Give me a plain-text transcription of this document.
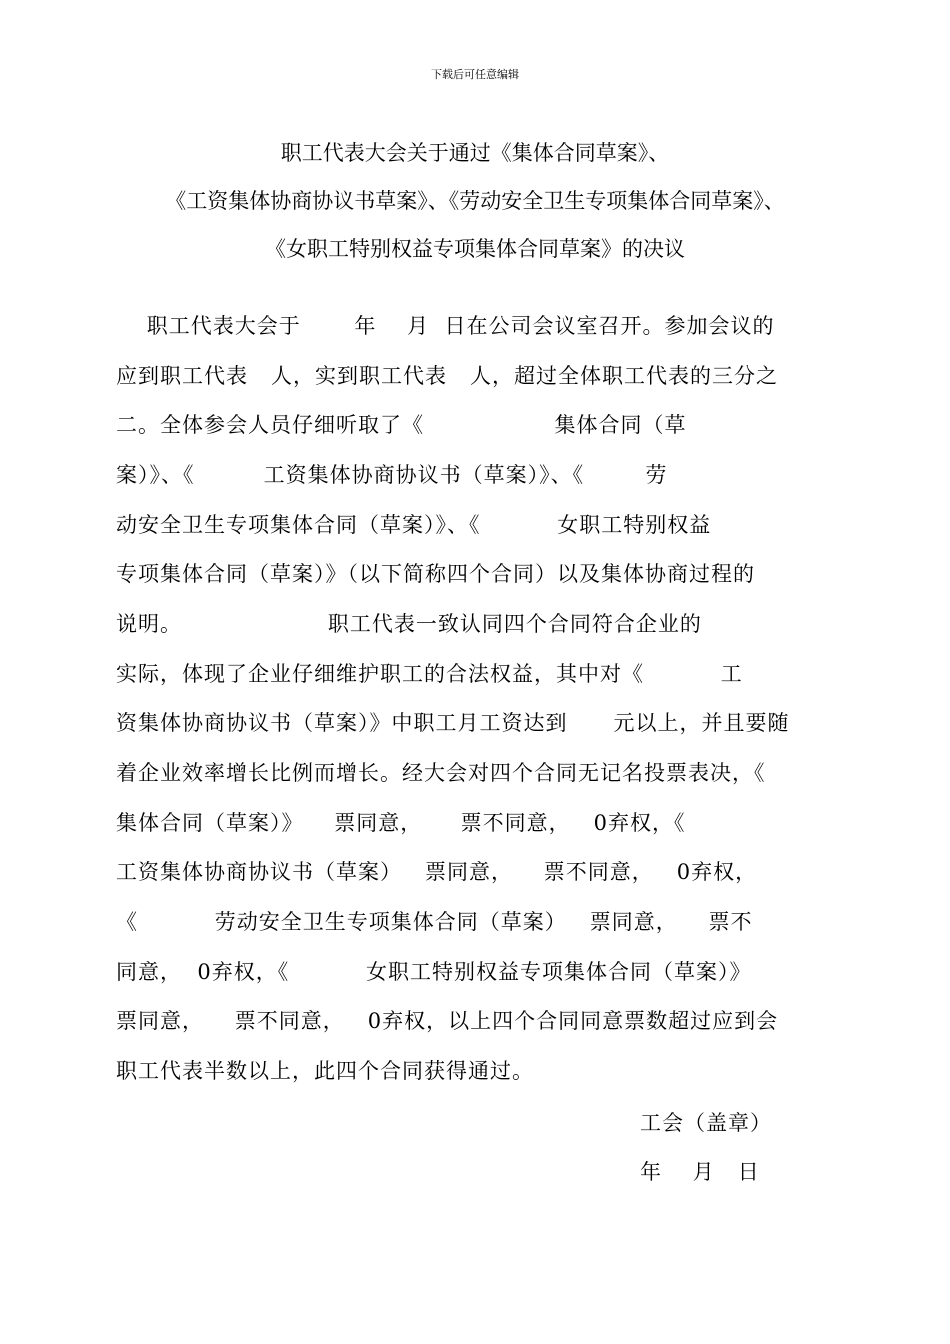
下载后可任意编辑
职工代表大会关于通过《集体合同草案》、
《工资集体协商协议书草案》、《劳动安全卫生专项集体合同草案》、
《女职工特别权益专项集体合同草案》的决议
职工代表大会于       年    月  日在公司会议室召开。参加会议的
应到职工代表   人，实到职工代表   人，超过全体职工代表的三分之
二。全体参会人员仔细听取了《                 集体合同（草
案）》、《         工资集体协商协议书（草案）》、《        劳
动安全卫生专项集体合同（草案）》、《          女职工特别权益
专项集体合同（草案）》（以下简称四个合同）以及集体协商过程的
说明。                   职工代表一致认同四个合同符合企业的
实际，体现了企业仔细维护职工的合法权益，其中对《          工
资集体协商协议书（草案）》中职工月工资达到      元以上，并且要随
着企业效率增长比例而增长。经大会对四个合同无记名投票表决，《
集体合同（草案）》    票同意，     票不同意，   0弃权，《
工资集体协商协议书（草案）   票同意，    票不同意，   0弃权，
《          劳动安全卫生专项集体合同（草案）   票同意，    票不
同意，  0弃权，《          女职工特别权益专项集体合同（草案）》
票同意，    票不同意，   0弃权，以上四个合同同意票数超过应到会
职工代表半数以上，此四个合同获得通过。
工会（盖章）
年    月   日
